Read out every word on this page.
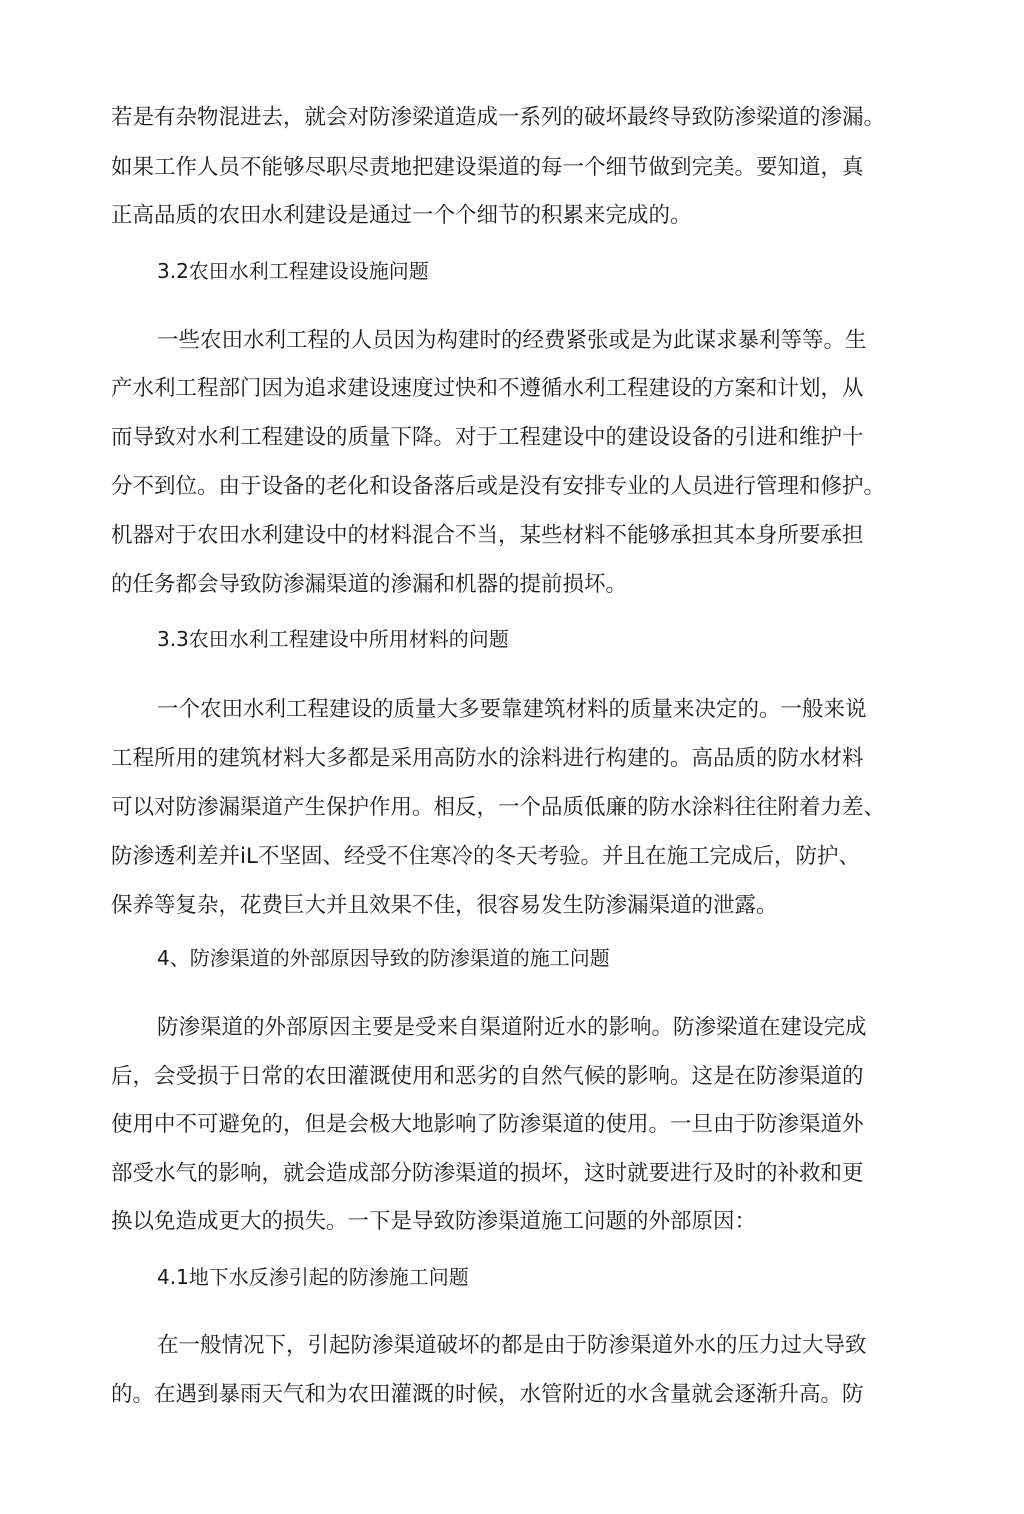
若是有杂物混进去，就会对防渗梁道造成一系列的破坏最终导致防渗梁道的渗漏。
如果工作人员不能够尽职尽责地把建设渠道的每一个细节做到完美。要知道，真
正高品质的农田水利建设是通过一个个细节的积累来完成的。
3.2农田水利工程建设设施问题
一些农田水利工程的人员因为构建时的经费紧张或是为此谋求暴利等等。生
产水利工程部门因为追求建设速度过快和不遵循水利工程建设的方案和计划，从
而导致对水利工程建设的质量下降。对于工程建设中的建设设备的引进和维护十
分不到位。由于设备的老化和设备落后或是没有安排专业的人员进行管理和修护。
机器对于农田水利建设中的材料混合不当，某些材料不能够承担其本身所要承担
的任务都会导致防渗漏渠道的渗漏和机器的提前损坏。
3.3农田水利工程建设中所用材料的问题
一个农田水利工程建设的质量大多要靠建筑材料的质量来决定的。一般来说
工程所用的建筑材料大多都是采用高防水的涂料进行构建的。高品质的防水材料
可以对防渗漏渠道产生保护作用。相反，一个品质低廉的防水涂料往往附着力差、
防渗透利差并iL不坚固、经受不住寒冷的冬天考验。并且在施工完成后，防护、
保养等复杂，花费巨大并且效果不佳，很容易发生防渗漏渠道的泄露。
4、防渗渠道的外部原因导致的防渗渠道的施工问题
防渗渠道的外部原因主要是受来自渠道附近水的影响。防渗梁道在建设完成
后，会受损于日常的农田灌溉使用和恶劣的自然气候的影响。这是在防渗渠道的
使用中不可避免的，但是会极大地影响了防渗渠道的使用。一旦由于防渗渠道外
部受水气的影响，就会造成部分防渗渠道的损坏，这时就要进行及时的补救和更
换以免造成更大的损失。一下是导致防渗渠道施工问题的外部原因：
4.1地下水反渗引起的防渗施工问题
在一般情况下，引起防渗渠道破坏的都是由于防渗渠道外水的压力过大导致
的。在遇到暴雨天气和为农田灌溉的时候，水管附近的水含量就会逐渐升高。防
